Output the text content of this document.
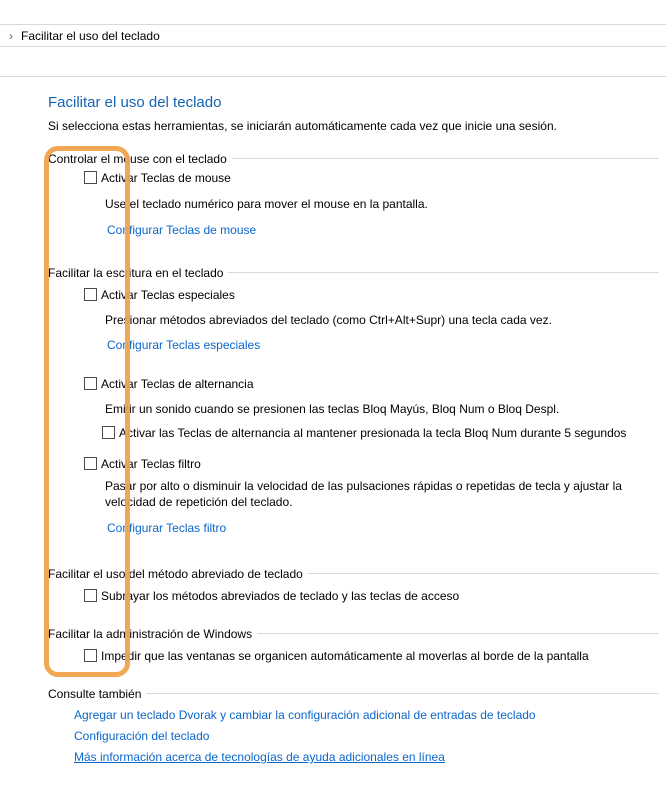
› Facilitar el uso del teclado
Facilitar el uso del teclado
Si selecciona estas herramientas, se iniciarán automáticamente cada vez que inicie una sesión.
Controlar el mouse con el teclado
Activar Teclas de mouse
Use el teclado numérico para mover el mouse en la pantalla.
Configurar Teclas de mouse
Facilitar la escritura en el teclado
Activar Teclas especiales
Presionar métodos abreviados del teclado (como Ctrl+Alt+Supr) una tecla cada vez.
Configurar Teclas especiales
Activar Teclas de alternancia
Emitir un sonido cuando se presionen las teclas Bloq Mayús, Bloq Num o Bloq Despl.
Activar las Teclas de alternancia al mantener presionada la tecla Bloq Num durante 5 segundos
Activar Teclas filtro
Pasar por alto o disminuir la velocidad de las pulsaciones rápidas o repetidas de tecla y ajustar la velocidad de repetición del teclado.
Configurar Teclas filtro
Facilitar el uso del método abreviado de teclado
Subrayar los métodos abreviados de teclado y las teclas de acceso
Facilitar la administración de Windows
Impedir que las ventanas se organicen automáticamente al moverlas al borde de la pantalla
Consulte también
Agregar un teclado Dvorak y cambiar la configuración adicional de entradas de teclado
Configuración del teclado
Más información acerca de tecnologías de ayuda adicionales en línea
